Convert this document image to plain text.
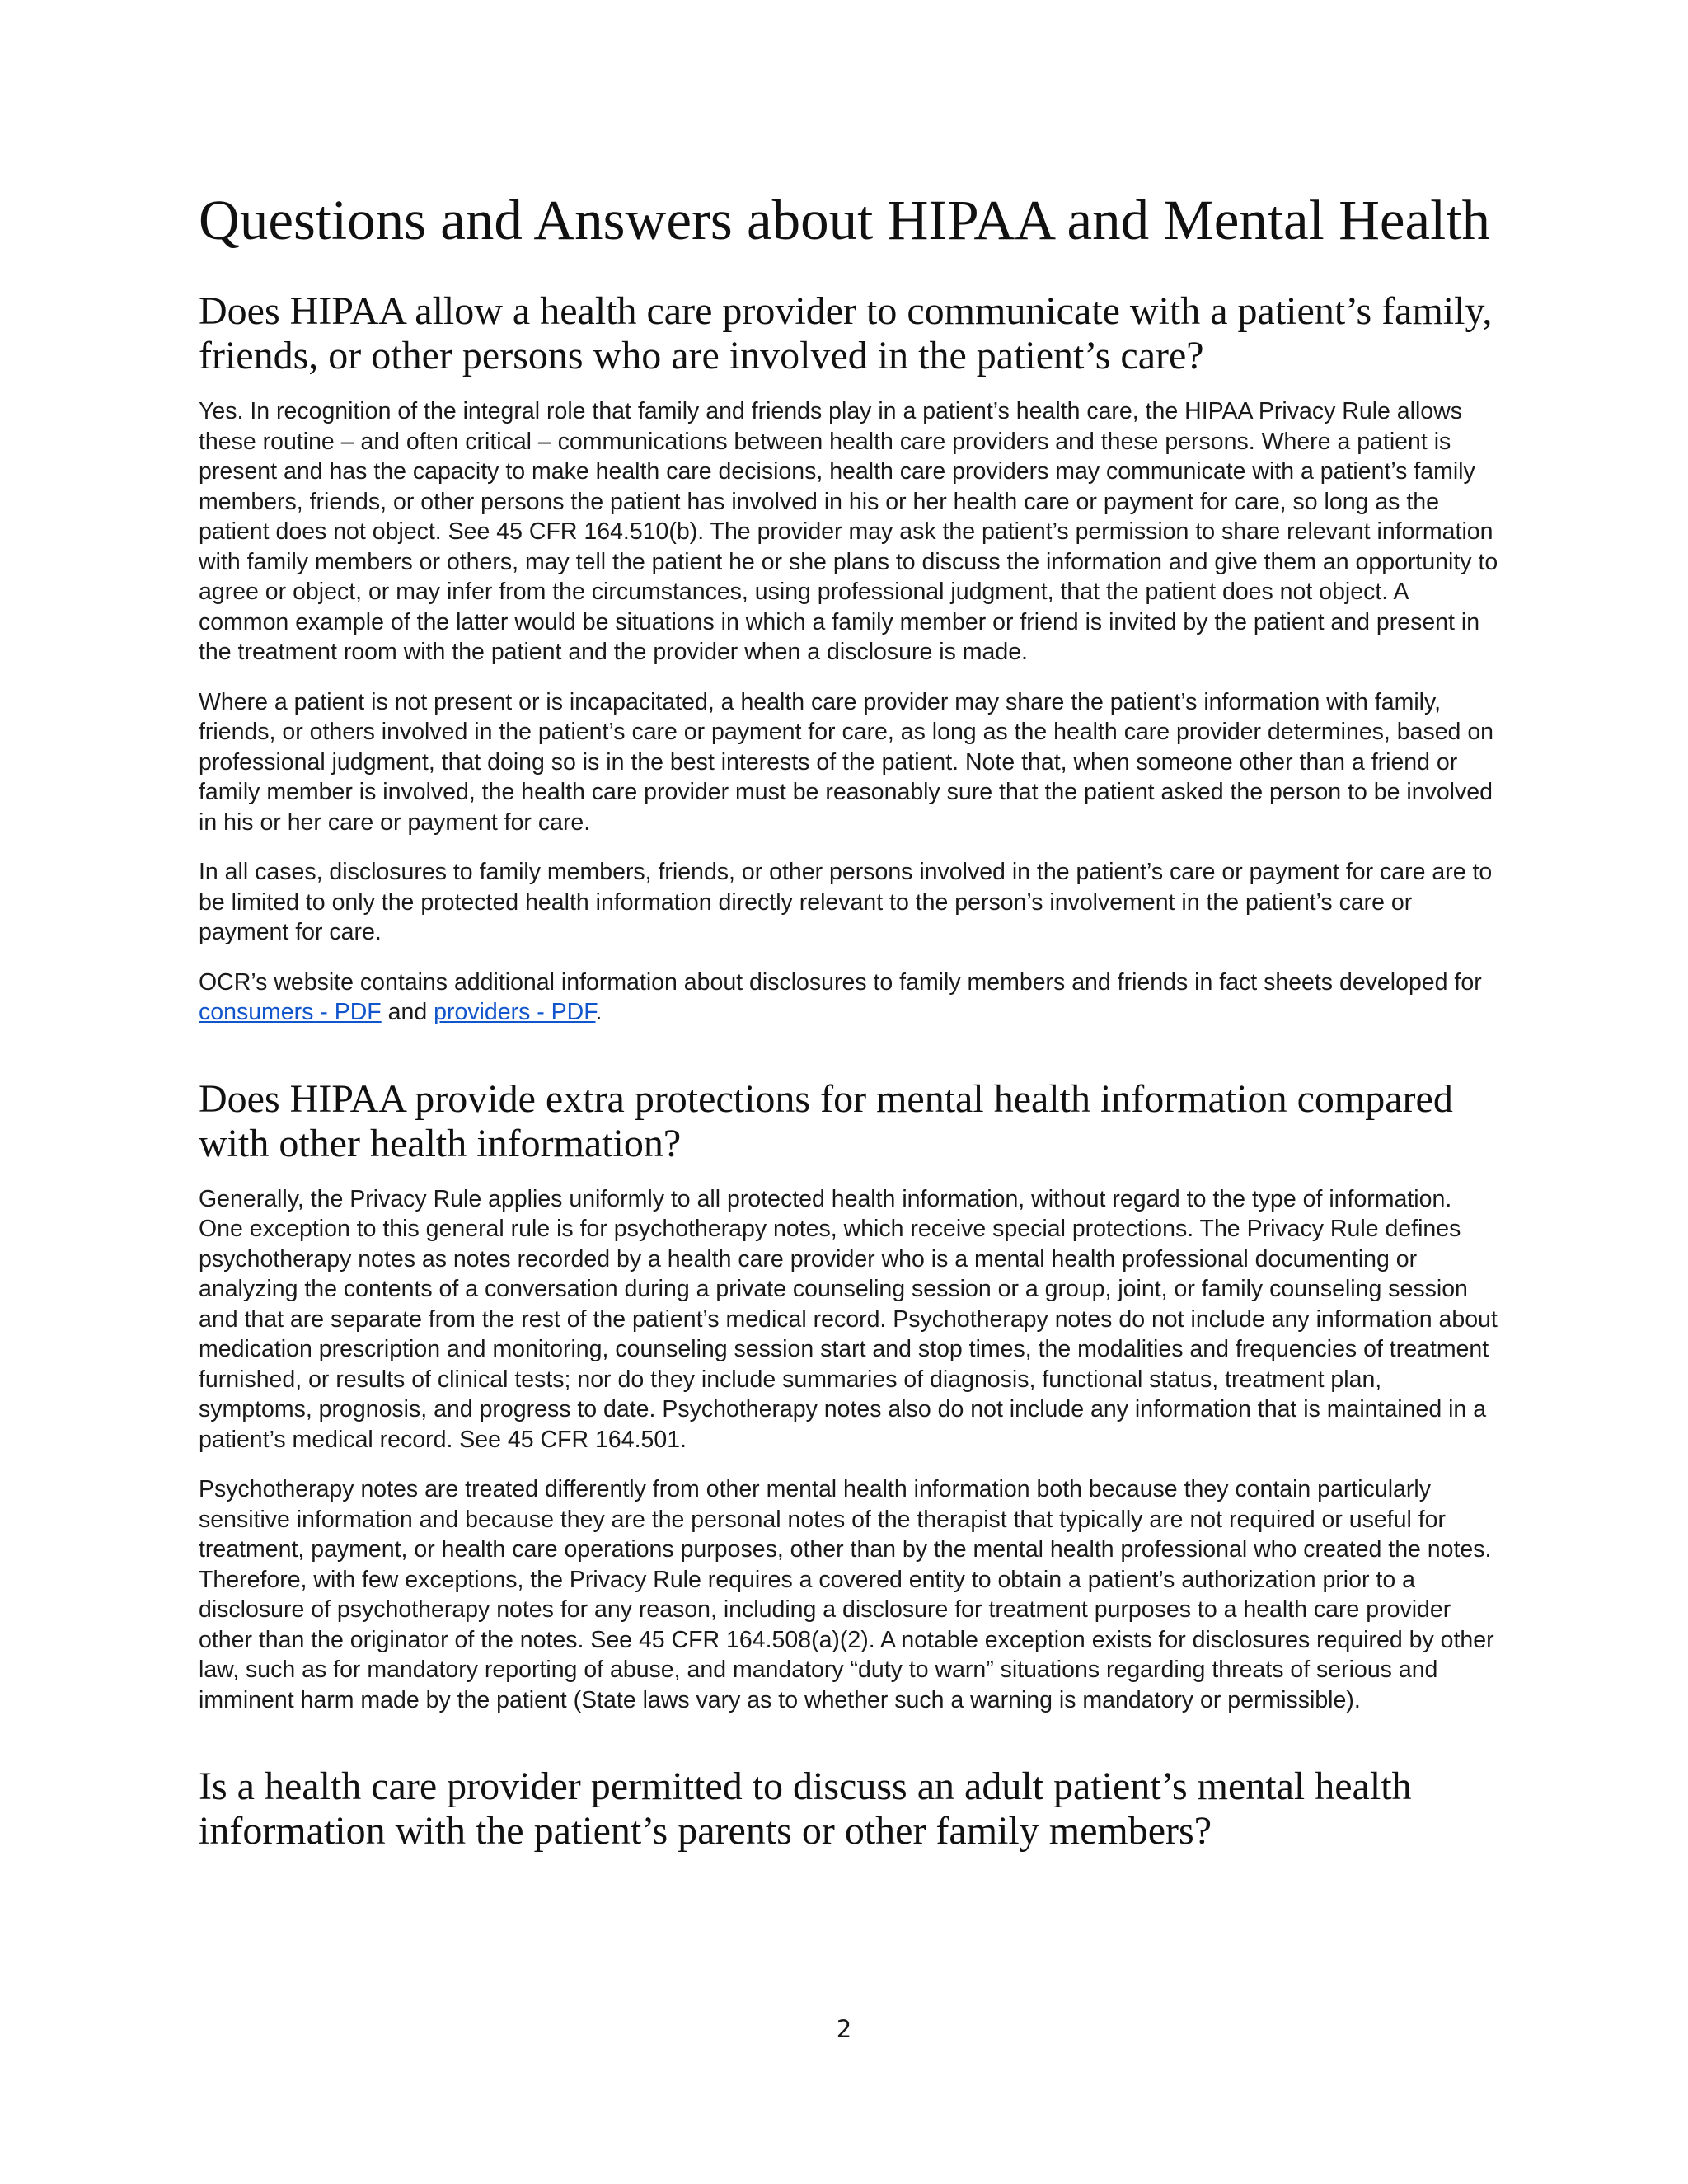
Questions and Answers about HIPAA and Mental Health
Does HIPAA allow a health care provider to communicate with a patient’s family, friends, or other persons who are involved in the patient’s care?

Yes. In recognition of the integral role that family and friends play in a patient’s health care, the HIPAA Privacy Rule allows these routine – and often critical – communications between health care providers and these persons. Where a patient is present and has the capacity to make health care decisions, health care providers may communicate with a patient’s family members, friends, or other persons the patient has involved in his or her health care or payment for care, so long as the patient does not object. See 45 CFR 164.510(b). The provider may ask the patient’s permission to share relevant information with family members or others, may tell the patient he or she plans to discuss the information and give them an opportunity to agree or object, or may infer from the circumstances, using professional judgment, that the patient does not object. A common example of the latter would be situations in which a family member or friend is invited by the patient and present in the treatment room with the patient and the provider when a disclosure is made.

Where a patient is not present or is incapacitated, a health care provider may share the patient’s information with family, friends, or others involved in the patient’s care or payment for care, as long as the health care provider determines, based on professional judgment, that doing so is in the best interests of the patient. Note that, when someone other than a friend or family member is involved, the health care provider must be reasonably sure that the patient asked the person to be involved in his or her care or payment for care.

In all cases, disclosures to family members, friends, or other persons involved in the patient’s care or payment for care are to be limited to only the protected health information directly relevant to the person’s involvement in the patient’s care or payment for care.

OCR’s website contains additional information about disclosures to family members and friends in fact sheets developed for consumers - PDF and providers - PDF.

Does HIPAA provide extra protections for mental health information compared with other health information?

Generally, the Privacy Rule applies uniformly to all protected health information, without regard to the type of information. One exception to this general rule is for psychotherapy notes, which receive special protections. The Privacy Rule defines psychotherapy notes as notes recorded by a health care provider who is a mental health professional documenting or analyzing the contents of a conversation during a private counseling session or a group, joint, or family counseling session and that are separate from the rest of the patient’s medical record. Psychotherapy notes do not include any information about medication prescription and monitoring, counseling session start and stop times, the modalities and frequencies of treatment furnished, or results of clinical tests; nor do they include summaries of diagnosis, functional status, treatment plan, symptoms, prognosis, and progress to date. Psychotherapy notes also do not include any information that is maintained in a patient’s medical record. See 45 CFR 164.501.

Psychotherapy notes are treated differently from other mental health information both because they contain particularly sensitive information and because they are the personal notes of the therapist that typically are not required or useful for treatment, payment, or health care operations purposes, other than by the mental health professional who created the notes. Therefore, with few exceptions, the Privacy Rule requires a covered entity to obtain a patient’s authorization prior to a disclosure of psychotherapy notes for any reason, including a disclosure for treatment purposes to a health care provider other than the originator of the notes. See 45 CFR 164.508(a)(2). A notable exception exists for disclosures required by other law, such as for mandatory reporting of abuse, and mandatory “duty to warn” situations regarding threats of serious and imminent harm made by the patient (State laws vary as to whether such a warning is mandatory or permissible).

Is a health care provider permitted to discuss an adult patient’s mental health information with the patient’s parents or other family members?
2
